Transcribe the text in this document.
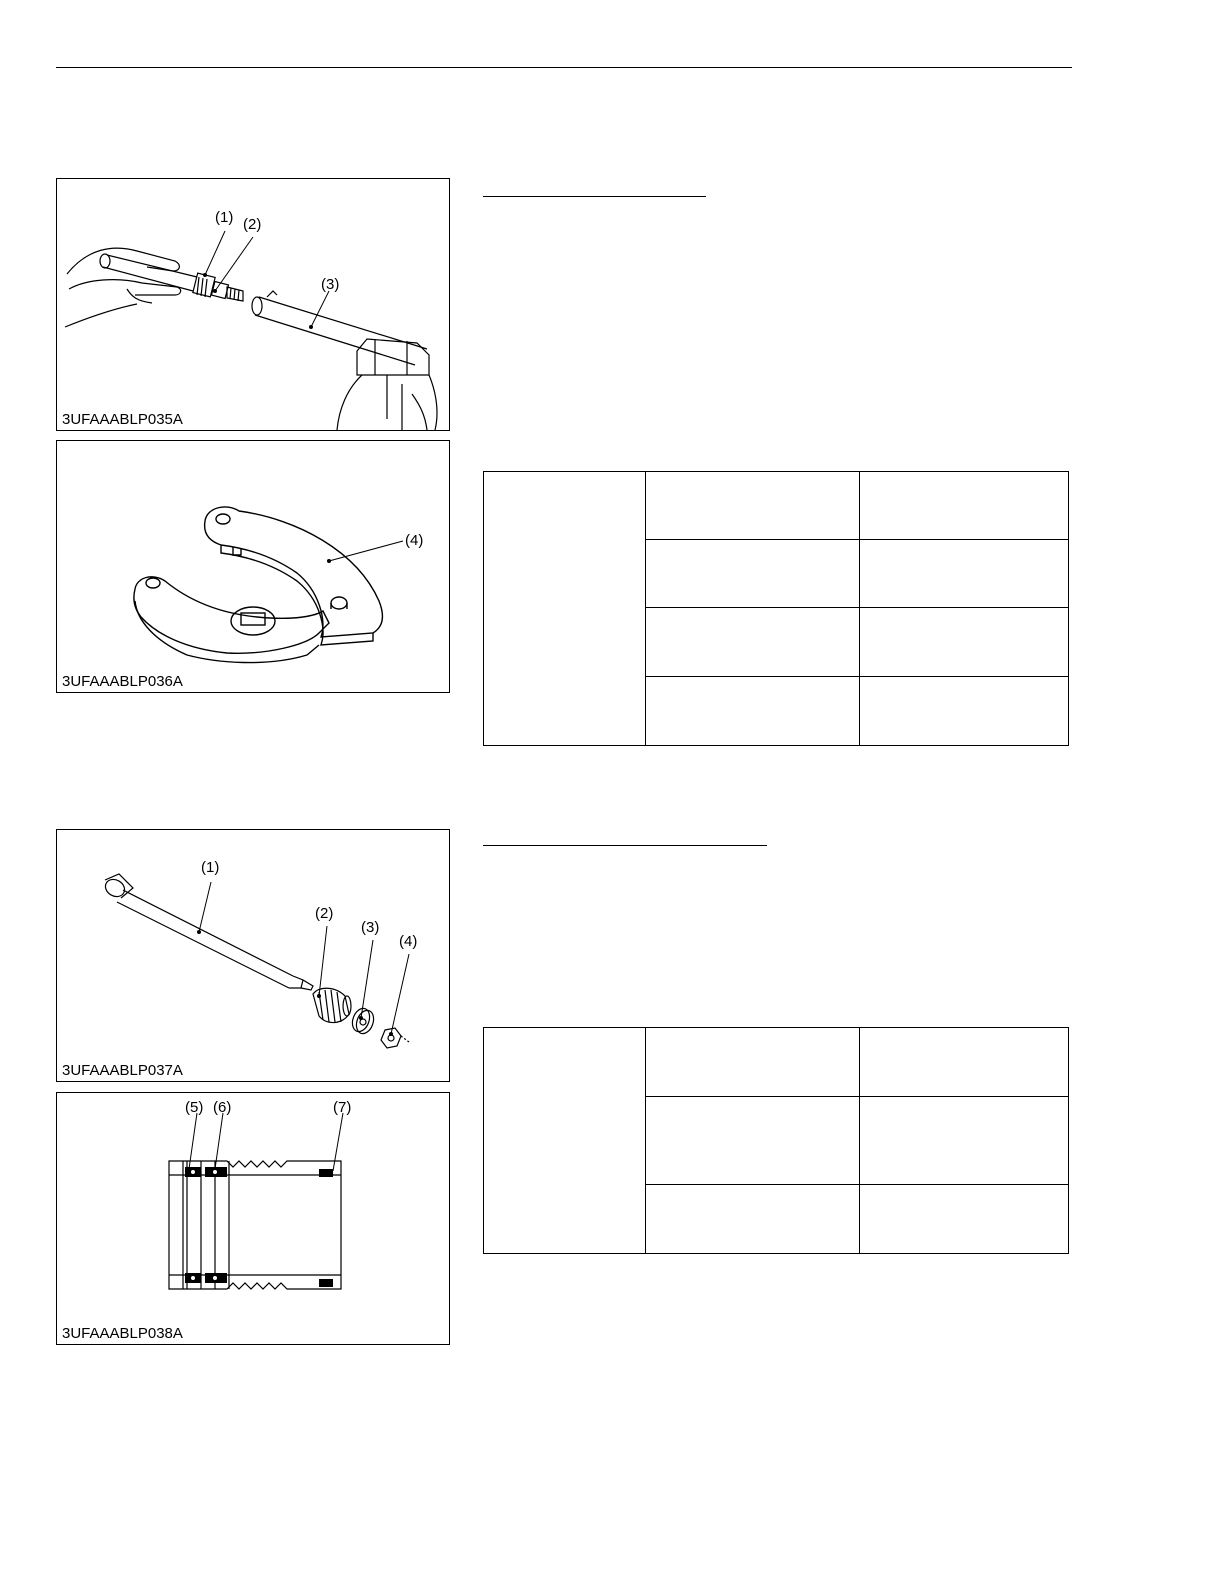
(1) (2)
(3)
3UFAAABLP035A
(4)
3UFAAABLP036A
(1)
(2)
(3)
(4)
3UFAAABLP037A
(5) (6)	(7)
3UFAAABLP038A
